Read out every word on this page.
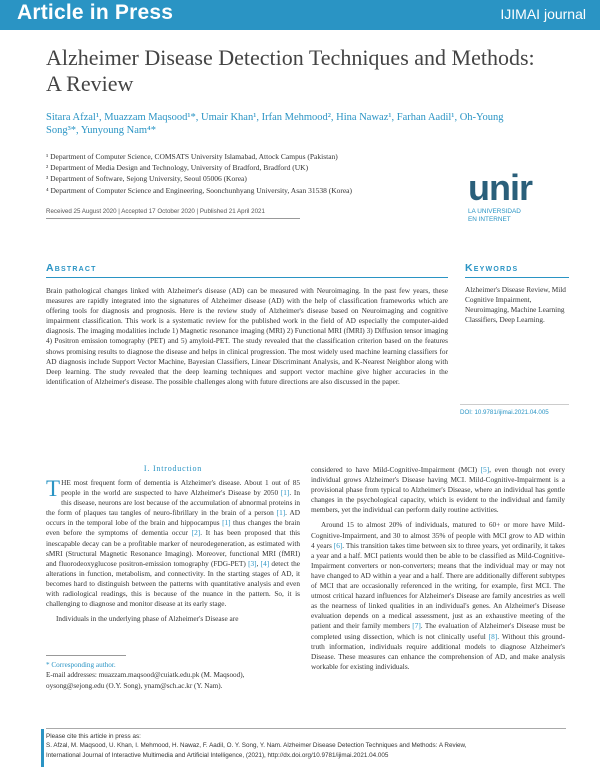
Article in Press	IJIMAI journal
Alzheimer Disease Detection Techniques and Methods:
A Review
Sitara Afzal¹, Muazzam Maqsood¹*, Umair Khan¹, Irfan Mehmood², Hina Nawaz¹, Farhan Aadil¹, Oh-Young
Song³*, Yunyoung Nam⁴*
¹ Department of Computer Science, COMSATS University Islamabad, Attock Campus (Pakistan)
² Department of Media Design and Technology, University of Bradford, Bradford (UK)
³ Department of Software, Sejong University, Seoul 05006 (Korea)
⁴ Department of Computer Science and Engineering, Soonchunhyang University, Asan 31538 (Korea)	unir
LA UNIVERSIDAD
EN INTERNET
Received 25 August 2020 | Accepted 17 October 2020 | Published 21 April 2021
Abstract
Brain pathological changes linked with Alzheimer's disease (AD) can be measured with Neuroimaging. In the past few years, these measures are rapidly integrated into the signatures of Alzheimer disease (AD) with the help of classification frameworks which are offering tools for diagnosis and prognosis. Here is the review study of Alzheimer's disease based on Neuroimaging and cognitive impairment classification. This work is a systematic review for the published work in the field of AD especially the computer-aided diagnosis. The imaging modalities include 1) Magnetic resonance imaging (MRI) 2) Functional MRI (fMRI) 3) Diffusion tensor imaging 4) Positron emission tomography (PET) and 5) amyloid-PET. The study revealed that the classification criterion based on the features shows promising results to diagnose the disease and helps in clinical progression. The most widely used machine learning classifiers for AD diagnosis include Support Vector Machine, Bayesian Classifiers, Linear Discriminant Analysis, and K-Nearest Neighbor along with Deep learning. The study revealed that the deep learning techniques and support vector machine give higher accuracies in the identification of Alzheimer's disease. The possible challenges along with future directions are also discussed in the paper.
Keywords
Alzheimer's Disease Review, Mild Cognitive Impairment, Neuroimaging, Machine Learning Classifiers, Deep Learning.
DOI: 10.9781/ijimai.2021.04.005
I. Introduction

THE most frequent form of dementia is Alzheimer's disease. About 1 out of 85 people in the world are suspected to have Alzheimer's Disease by 2050 [1]. In this disease, neurons are lost because of the accumulation of abnormal proteins in the form of plaques tau tangles of neuro-fibrillary in the brain of a person [1]. AD occurs in the temporal lobe of the brain and hippocampus [1] thus changes the brain even before the symptoms of dementia occur [2]. It has been proposed that this inescapable decay can be a profitable marker of neurodegeneration, as estimated with sMRI (Structural Magnetic Resonance Imaging). Moreover, functional MRI (fMRI) and fluorodeoxyglucose positron-emission tomography (FDG-PET) [3], [4] detect the alterations in function, metabolism, and connectivity. In the starting stages of AD, it becomes hard to distinguish between the patterns with quantitative analysis and even with radiological readings, this is because of the nuance in the pattern. So, it is challenging to diagnose and monitor disease at its early stage.

Individuals in the underlying phase of Alzheimer's Disease are

considered to have Mild-Cognitive-Impairment (MCI) [5], even though not every individual grows Alzheimer's Disease having MCI. Mild-Cognitive-Impairment is a provisional phase from typical to Alzheimer's Disease, where an individual has gentle changes in the psychological capacity, which is evident to the individual and family members, yet the individual can perform daily routine activities.

Around 15 to almost 20% of individuals, matured to 60+ or more have Mild-Cognitive-Impairment, and 30 to almost 35% of people with MCI grow to AD within 4 years [6]. This transition takes time between six to three years, yet ordinarily, it takes a year and a half. MCI patients would then be able to be classified as Mild-Cognitive-Impairment converters or non-converters; means that the individual may or may not have changed to AD within a year and a half. There are additionally different subtypes of MCI that are occasionally referenced in the writing, for example, first MCI. The utmost critical hazard influences for Alzheimer's Disease are family ancestries as well as the nearness of linked qualities in an individual's genes. An Alzheimer's Disease evaluation depends on a medical assessment, just as an exhaustive meeting of the patient and their family members [7]. The evaluation of Alzheimer's Disease must be completed using dissection, which is not clinically useful [8]. Without this ground-truth information, individuals require additional models to diagnose Alzheimer's Disease. These measures can enhance the comprehension of AD, and make analysis workable for existing individuals.

* Corresponding author.
E-mail addresses: muazzam.maqsood@cuiatk.edu.pk (M. Maqsood),
oysong@sejong.edu (O.Y. Song), ynam@sch.ac.kr (Y. Nam).
Please cite this article in press as:
S. Afzal, M. Maqsood, U. Khan, I. Mehmood, H. Nawaz, F. Aadil, O. Y. Song, Y. Nam. Alzheimer Disease Detection Techniques and Methods: A Review,
International Journal of Interactive Multimedia and Artificial Intelligence, (2021), http://dx.doi.org/10.9781/ijimai.2021.04.005
